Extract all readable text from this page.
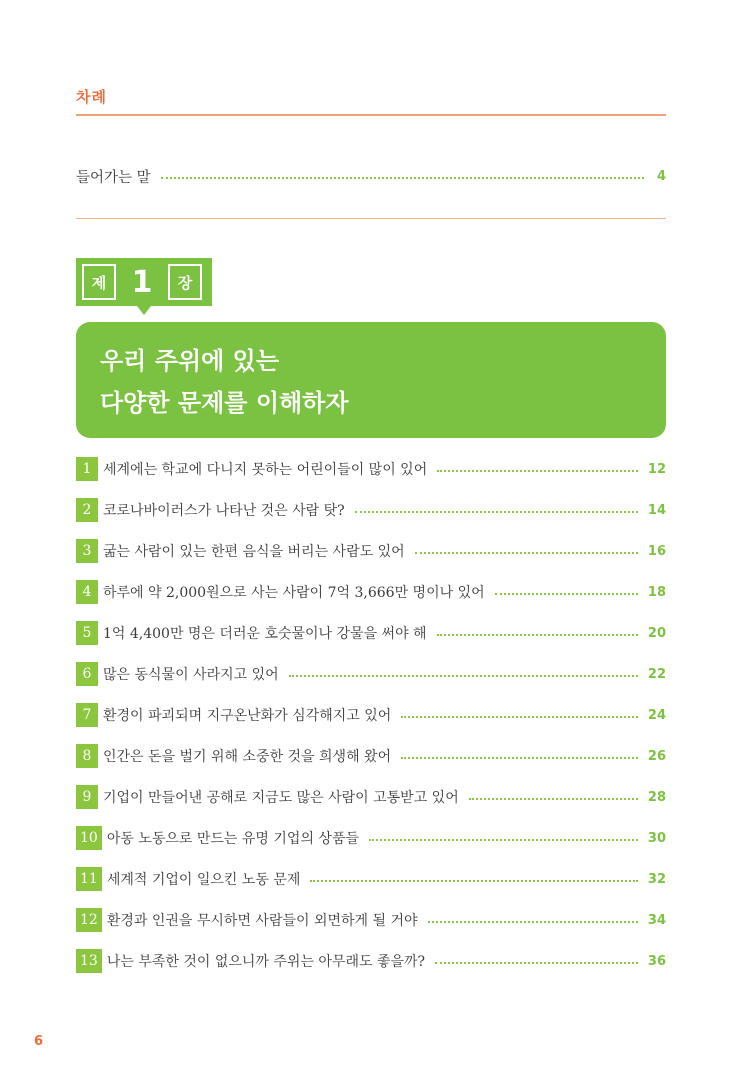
차례
들어가는 말	4
제 1	장
우리 주위에 있는
다양한 문제를 이해하자
1 세계에는 학교에 다니지 못하는 어린이들이 많이 있어	12
2 코로나바이러스가 나타난 것은 사람 탓?	14
3 굶는 사람이 있는 한편 음식을 버리는 사람도 있어	16
4 하루에 약 2,000원으로 사는 사람이 7억 3,666만 명이나 있어	18
5 1억 4,400만 명은 더러운 호숫물이나 강물을 써야 해	20
6 많은 동식물이 사라지고 있어	22
7 환경이 파괴되며 지구온난화가 심각해지고 있어	24
8 인간은 돈을 벌기 위해 소중한 것을 희생해 왔어	26
9 기업이 만들어낸 공해로 지금도 많은 사람이 고통받고 있어	28
10 아동 노동으로 만드는 유명 기업의 상품들	30
11 세계적 기업이 일으킨 노동 문제	32
12 환경과 인권을 무시하면 사람들이 외면하게 될 거야	34
13 나는 부족한 것이 없으니까 주위는 아무래도 좋을까?	36
6
